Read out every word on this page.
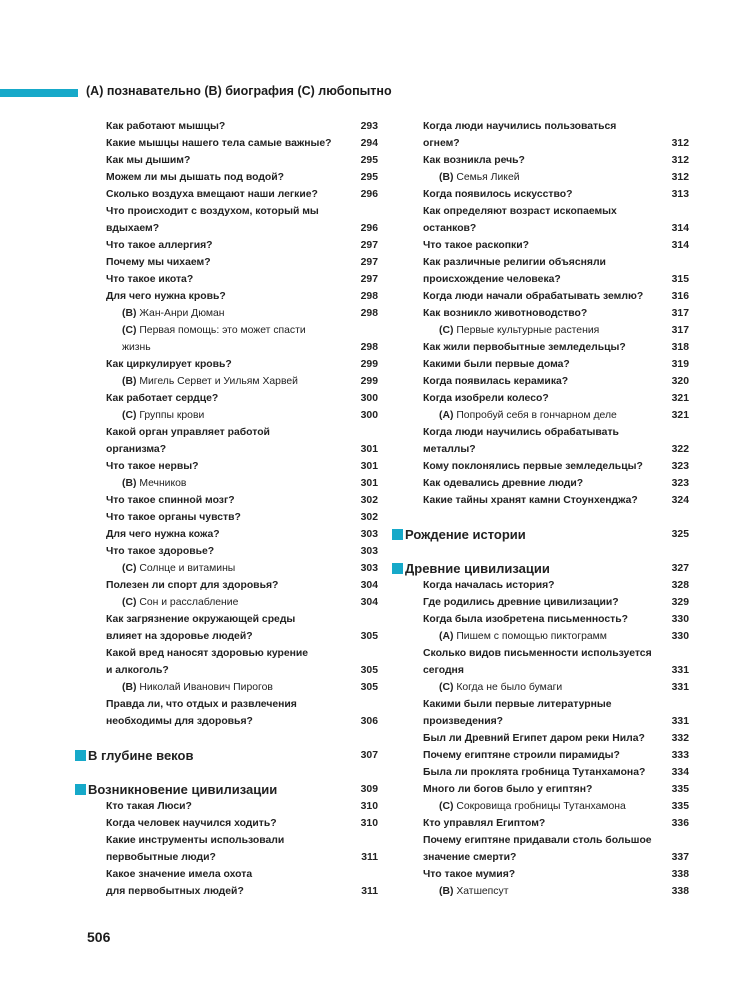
(А) познавательно (В) биография (С) любопытно
Как работают мышцы?	293
Какие мышцы нашего тела самые важные?	294
Как мы дышим?	295
Можем ли мы дышать под водой?	295
Сколько воздуха вмещают наши легкие?	296
Что происходит с воздухом, который мы
вдыхаем?	296
Что такое аллергия?	297
Почему мы чихаем?	297
Что такое икота?	297
Для чего нужна кровь?	298
(В) Жан-Анри Дюман	298
(С) Первая помощь: это может спасти
жизнь	298
Как циркулирует кровь?	299
(В) Мигель Сервет и Уильям Харвей	299
Как работает сердце?	300
(С) Группы крови	300
Какой орган управляет работой
организма?	301
Что такое нервы?	301
(В) Мечников	301
Что такое спинной мозг?	302
Что такое органы чувств?	302
Для чего нужна кожа?	303
Что такое здоровье?	303
(С) Солнце и витамины	303
Полезен ли спорт для здоровья?	304
(С) Сон и расслабление	304
Как загрязнение окружающей среды
влияет на здоровье людей?	305
Какой вред наносят здоровью курение
и алкоголь?	305
(В) Николай Иванович Пирогов	305
Правда ли, что отдых и развлечения
необходимы для здоровья?	306
В глубине веков	307
Возникновение цивилизации	309
Кто такая Люси?	310
Когда человек научился ходить?	310
Какие инструменты использовали
первобытные люди?	311
Какое значение имела охота
для первобытных людей?	311
Когда люди научились пользоваться
огнем?	312
Как возникла речь?	312
(В) Семья Ликей	312
Когда появилось искусство?	313
Как определяют возраст ископаемых
останков?	314
Что такое раскопки?	314
Как различные религии объясняли
происхождение человека?	315
Когда люди начали обрабатывать землю?	316
Как возникло животноводство?	317
(С) Первые культурные растения	317
Как жили первобытные земледельцы?	318
Какими были первые дома?	319
Когда появилась керамика?	320
Когда изобрели колесо?	321
(А) Попробуй себя в гончарном деле	321
Когда люди научились обрабатывать
металлы?	322
Кому поклонялись первые земледельцы?	323
Как одевались древние люди?	323
Какие тайны хранят камни Стоунхенджа?	324
Рождение истории	325
Древние цивилизации	327
Когда началась история?	328
Где родились древние цивилизации?	329
Когда была изобретена письменность?	330
(А) Пишем с помощью пиктограмм	330
Сколько видов письменности используется
сегодня	331
(С) Когда не было бумаги	331
Какими были первые литературные
произведения?	331
Был ли Древний Египет даром реки Нила?	332
Почему египтяне строили пирамиды?	333
Была ли проклята гробница Тутанхамона?	334
Много ли богов было у египтян?	335
(С) Сокровища гробницы Тутанхамона	335
Кто управлял Египтом?	336
Почему египтяне придавали столь большое
значение смерти?	337
Что такое мумия?	338
(В) Хатшепсут	338
506
